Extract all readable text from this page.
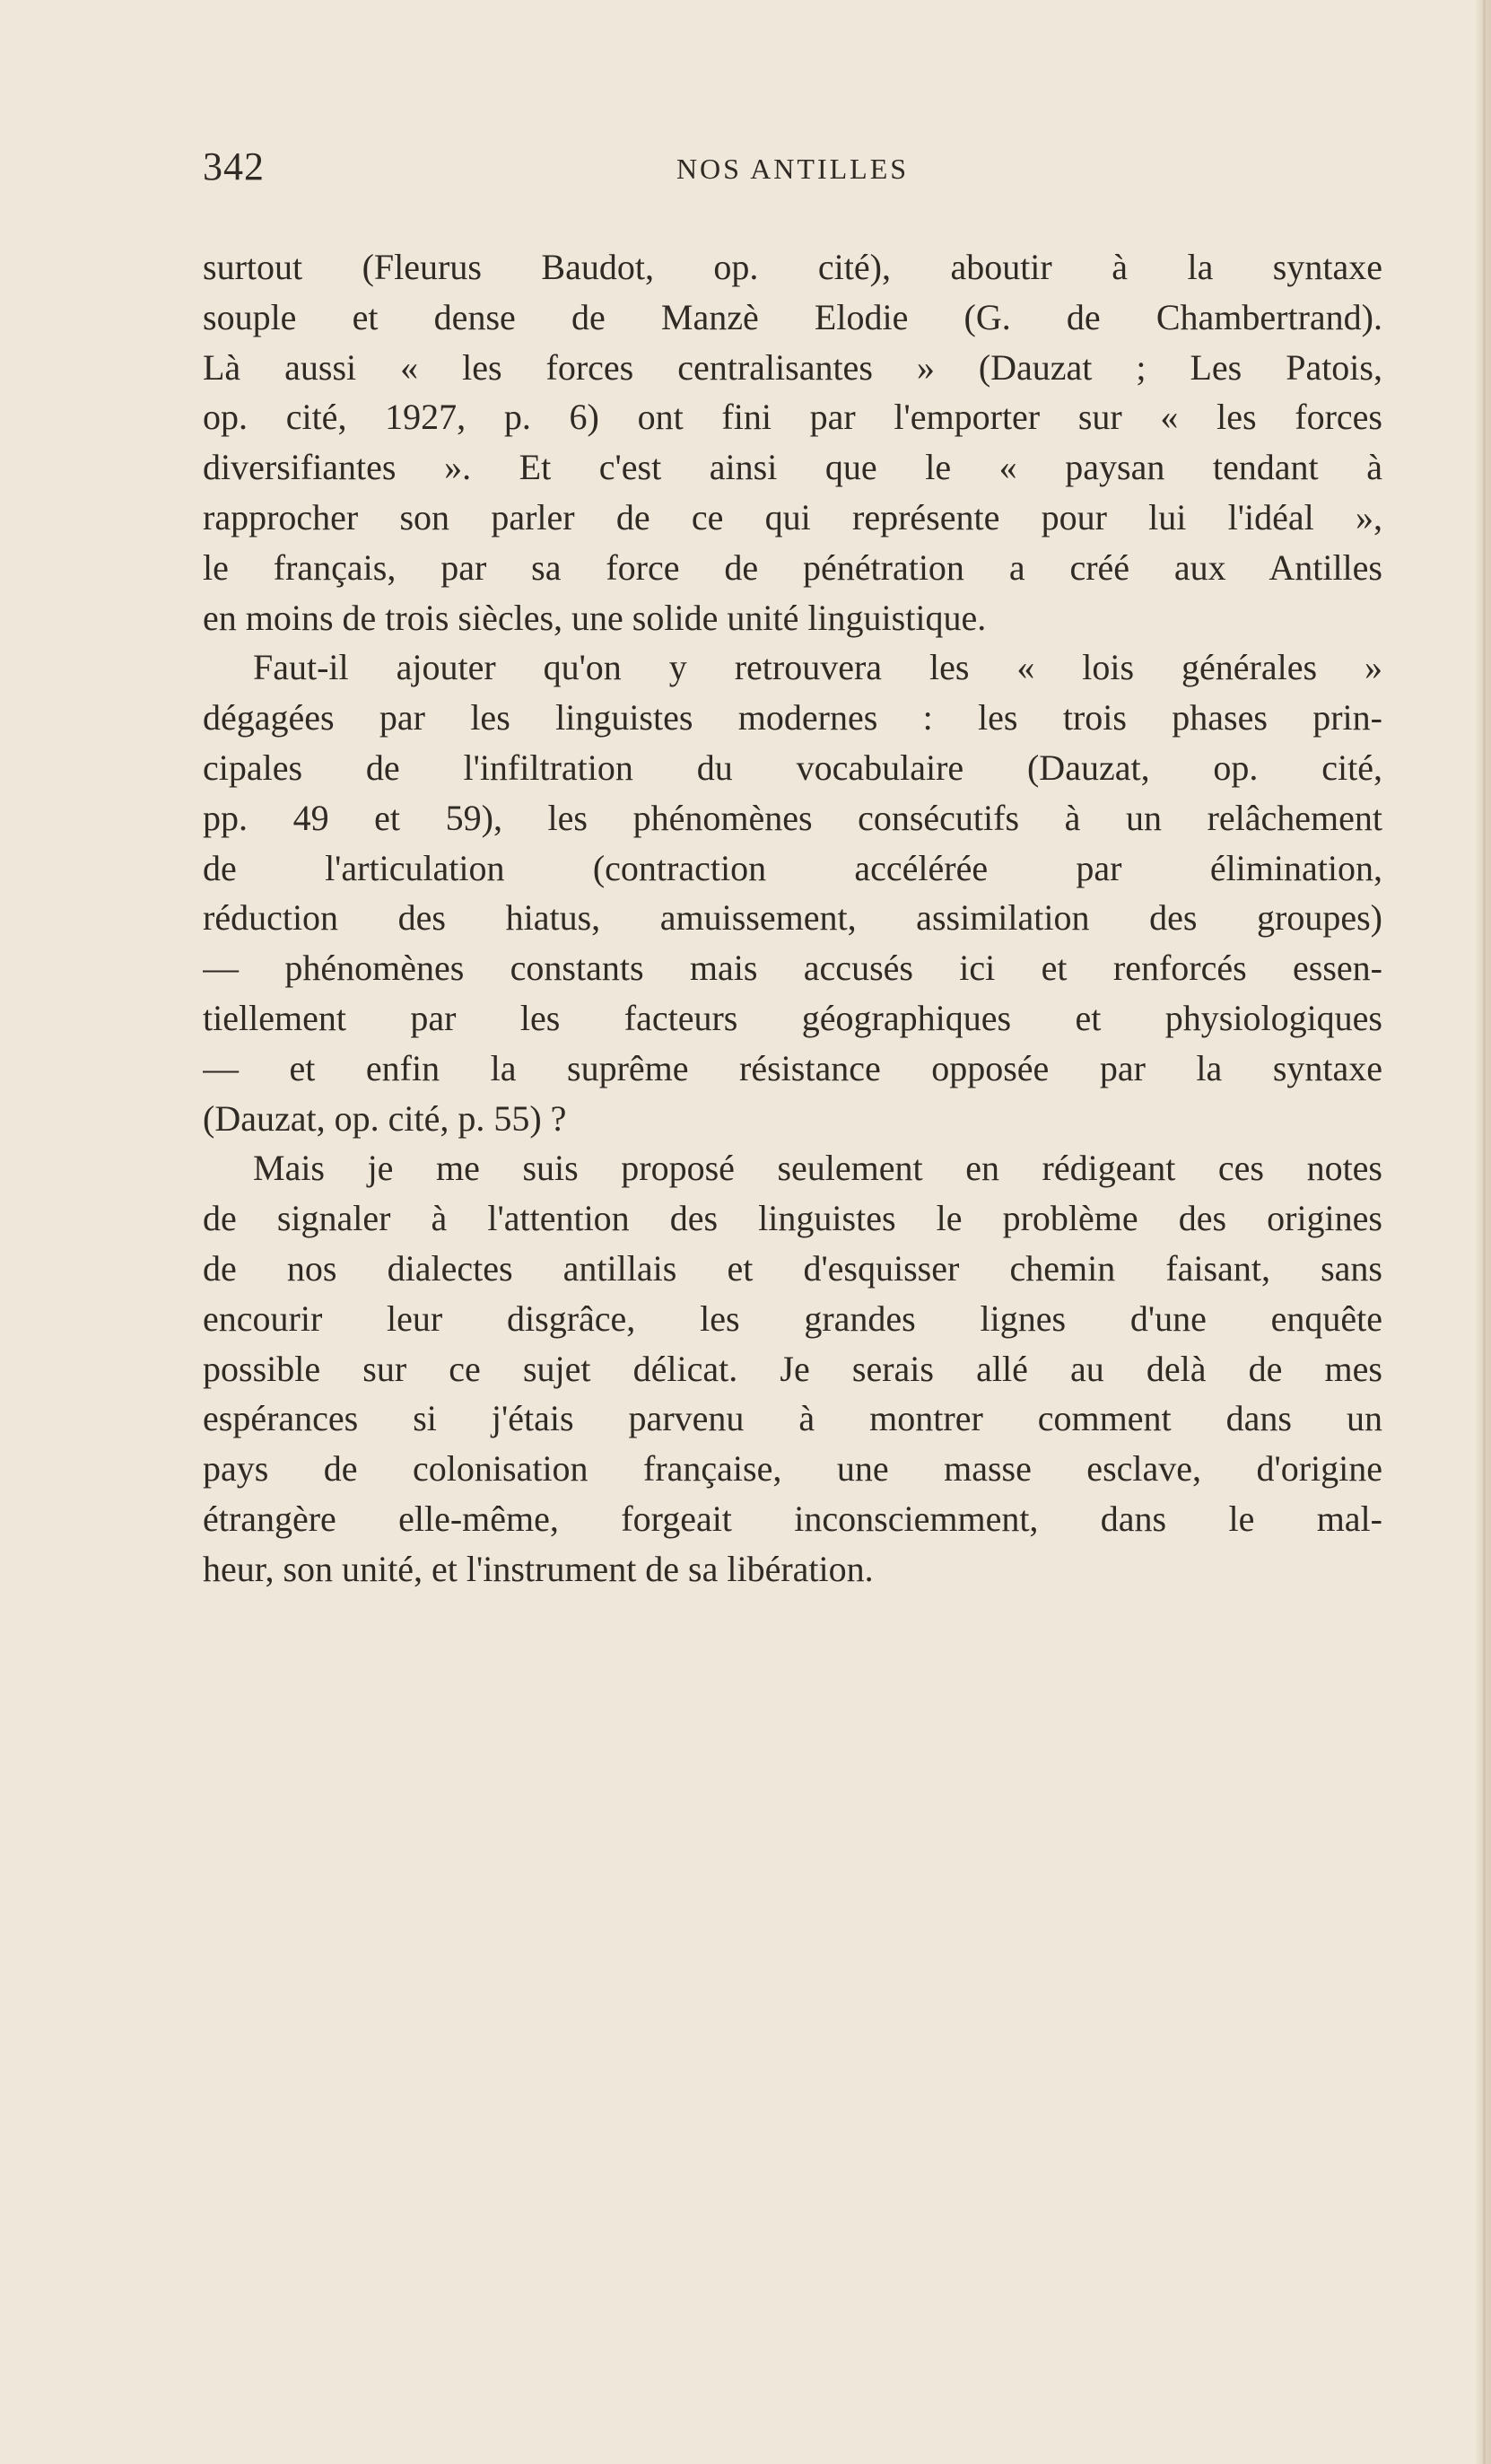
342	NOS ANTILLES
surtout (Fleurus Baudot, op. cité), aboutir à la syntaxe
souple et dense de Manzè Elodie (G. de Chambertrand).
Là aussi « les forces centralisantes » (Dauzat ; Les Patois,
op. cité, 1927, p. 6) ont fini par l'emporter sur « les forces
diversifiantes ». Et c'est ainsi que le « paysan tendant à
rapprocher son parler de ce qui représente pour lui l'idéal »,
le français, par sa force de pénétration a créé aux Antilles
en moins de trois siècles, une solide unité linguistique.
Faut-il ajouter qu'on y retrouvera les « lois générales »
dégagées par les linguistes modernes : les trois phases prin-
cipales de l'infiltration du vocabulaire (Dauzat, op. cité,
pp. 49 et 59), les phénomènes consécutifs à un relâchement
de l'articulation (contraction accélérée par élimination,
réduction des hiatus, amuissement, assimilation des groupes)
— phénomènes constants mais accusés ici et renforcés essen-
tiellement par les facteurs géographiques et physiologiques
— et enfin la suprême résistance opposée par la syntaxe
(Dauzat, op. cité, p. 55) ?
Mais je me suis proposé seulement en rédigeant ces notes
de signaler à l'attention des linguistes le problème des origines
de nos dialectes antillais et d'esquisser chemin faisant, sans
encourir leur disgrâce, les grandes lignes d'une enquête
possible sur ce sujet délicat. Je serais allé au delà de mes
espérances si j'étais parvenu à montrer comment dans un
pays de colonisation française, une masse esclave, d'origine
étrangère elle-même, forgeait inconsciemment, dans le mal-
heur, son unité, et l'instrument de sa libération.
